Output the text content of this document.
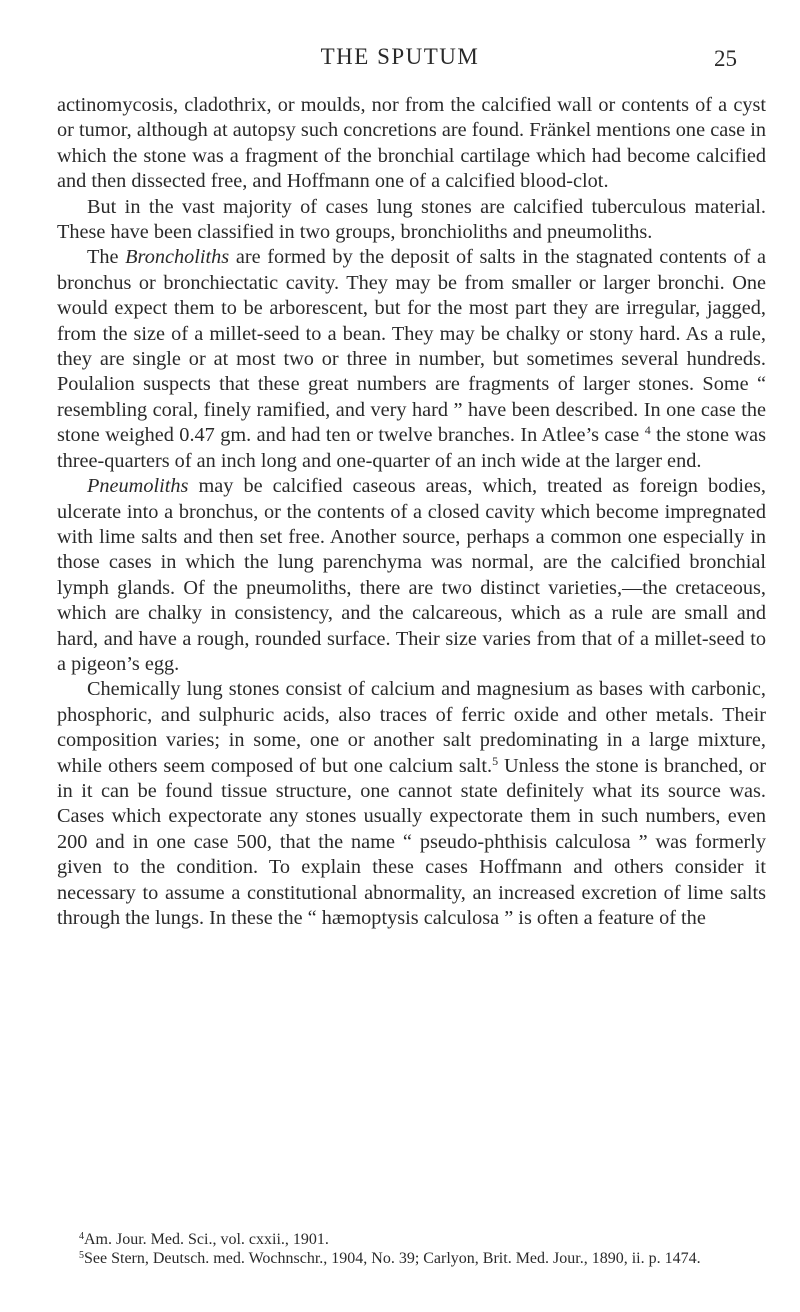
THE SPUTUM	25

actinomycosis, cladothrix, or moulds, nor from the calcified wall or contents of a cyst or tumor, although at autopsy such concretions are found. Fränkel mentions one case in which the stone was a fragment of the bronchial cartilage which had become calcified and then dissected free, and Hoffmann one of a calcified blood-clot.

But in the vast majority of cases lung stones are calcified tuberculous material. These have been classified in two groups, bronchioliths and pneumoliths.

The Broncholiths are formed by the deposit of salts in the stagnated contents of a bronchus or bronchiectatic cavity. They may be from smaller or larger bronchi. One would expect them to be arborescent, but for the most part they are irregular, jagged, from the size of a millet-seed to a bean. They may be chalky or stony hard. As a rule, they are single or at most two or three in number, but sometimes several hundreds. Poulalion suspects that these great numbers are fragments of larger stones. Some “ resembling coral, finely ramified, and very hard ” have been described. In one case the stone weighed 0.47 gm. and had ten or twelve branches. In Atlee’s case $^4$ the stone was three-quarters of an inch long and one-quarter of an inch wide at the larger end.

Pneumoliths may be calcified caseous areas, which, treated as foreign bodies, ulcerate into a bronchus, or the contents of a closed cavity which become impregnated with lime salts and then set free. Another source, perhaps a common one especially in those cases in which the lung parenchyma was normal, are the calcified bronchial lymph glands. Of the pneumoliths, there are two distinct varieties,—the cretaceous, which are chalky in consistency, and the calcareous, which as a rule are small and hard, and have a rough, rounded surface. Their size varies from that of a millet-seed to a pigeon’s egg.

Chemically lung stones consist of calcium and magnesium as bases with carbonic, phosphoric, and sulphuric acids, also traces of ferric oxide and other metals. Their composition varies; in some, one or another salt predominating in a large mixture, while others seem composed of but one calcium salt.$^5$ Unless the stone is branched, or in it can be found tissue structure, one cannot state definitely what its source was. Cases which expectorate any stones usually expectorate them in such numbers, even 200 and in one case 500, that the name “ pseudo-phthisis calculosa ” was formerly given to the condition. To explain these cases Hoffmann and others consider it necessary to assume a constitutional abnormality, an increased excretion of lime salts through the lungs. In these the “ hæmoptysis calculosa ” is often a feature of the

$^4$Am. Jour. Med. Sci., vol. cxxii., 1901.

$^5$See Stern, Deutsch. med. Wochnschr., 1904, No. 39; Carlyon, Brit. Med. Jour., 1890, ii. p. 1474.
